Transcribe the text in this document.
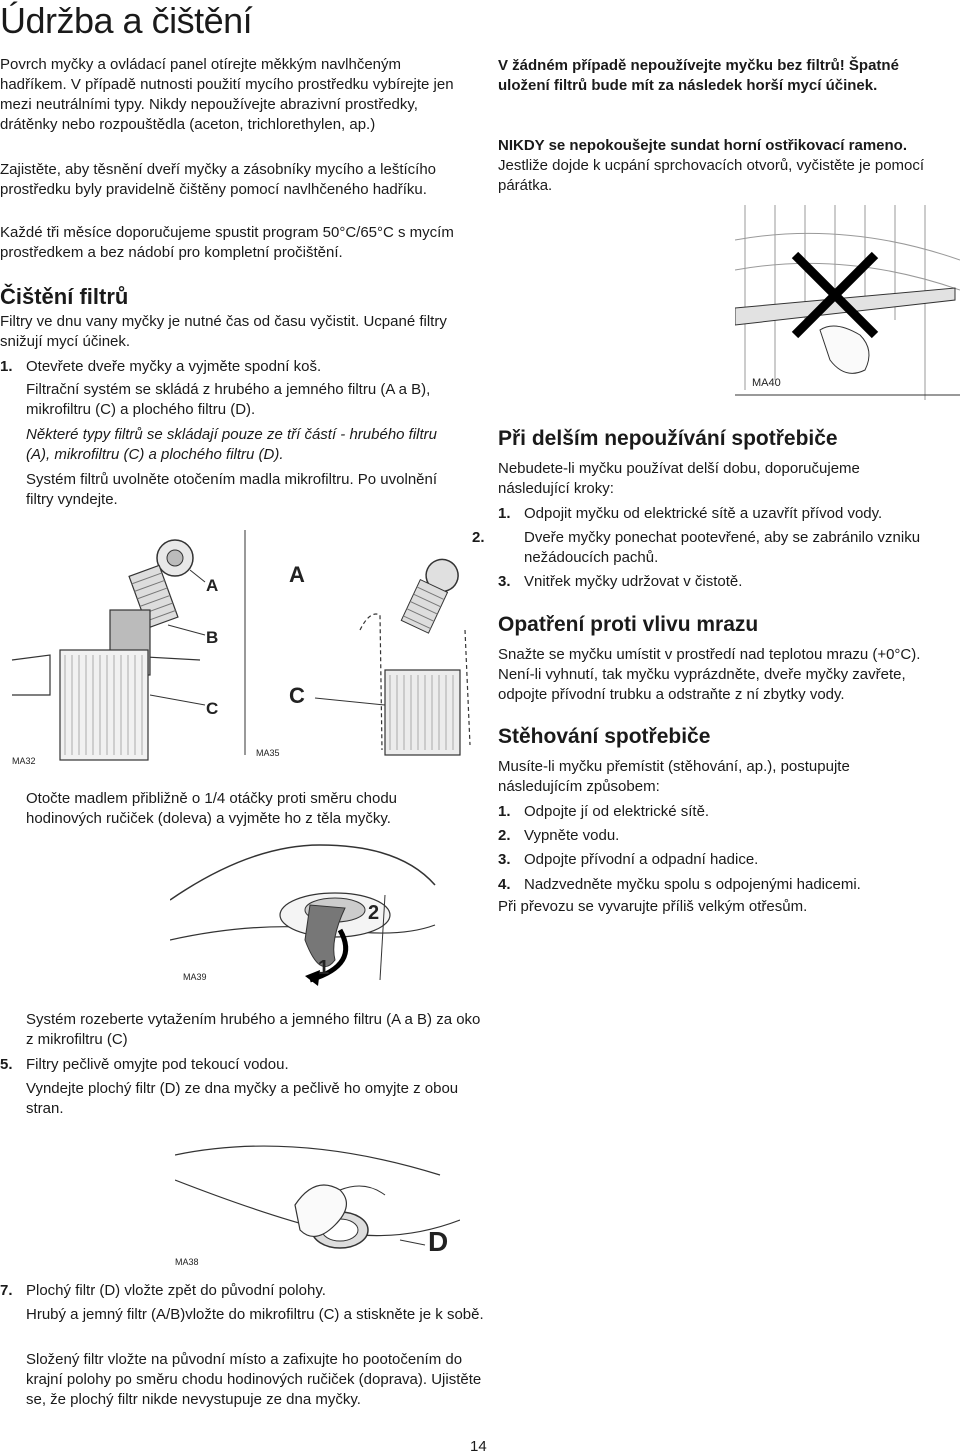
Údržba a čištění

Povrch myčky a ovládací panel otírejte měkkým navlhčeným hadříkem. V případě nutnosti použití mycího prostředku vybírejte jen mezi neutrálními typy. Nikdy nepoužívejte abrazivní prostředky, drátěnky nebo rozpouštědla (aceton, trichlorethylen, ap.)

Zajistěte, aby těsnění dveří myčky a zásobníky mycího a leštícího prostředku byly pravidelně čištěny pomocí navlhčeného hadříku.

Každé tři měsíce doporučujeme spustit program 50°C/65°C s mycím prostředkem a bez nádobí pro kompletní pročištění.

Čištění filtrů

Filtry ve dnu vany myčky je nutné čas od času vyčistit. Ucpané filtry snižují mycí účinek.

1. Otevřete dveře myčky a vyjměte spodní koš.
Filtrační systém se skládá z hrubého a jemného filtru (A a B), mikrofiltru (C) a plochého filtru (D).

Některé typy filtrů se skládají pouze ze tří částí - hrubého filtru (A), mikrofiltru (C) a plochého filtru (D).

Systém filtrů uvolněte otočením madla mikrofiltru. Po uvolnění filtry vyndejte.

A
B
C
A
C
MA32
MA35
Otočte madlem přibližně o 1/4 otáčky proti směru chodu hodinových ručiček (doleva) a vyjměte ho z těla myčky.
2
1
MA39
Systém rozeberte vytažením hrubého a jemného filtru (A a B) za oko z mikrofiltru (C)
5. Filtry pečlivě omyjte pod tekoucí vodou.
Vyndejte plochý filtr (D) ze dna myčky a pečlivě ho omyjte z obou stran.
D
MA38
7. Plochý filtr (D) vložte zpět do původní polohy.
Hrubý a jemný filtr (A/B)vložte do mikrofiltru (C) a stiskněte je k sobě.
Složený filtr vložte na původní místo a zafixujte ho pootočením do krajní polohy po směru chodu hodinových ručiček (doprava). Ujistěte se, že plochý filtr nikde nevystupuje ze dna myčky.

V žádném případě nepoužívejte myčku bez filtrů! Špatné uložení filtrů bude mít za následek horší mycí účinek.

NIKDY se nepokoušejte sundat horní ostřikovací rameno.

Jestliže dojde k ucpání sprchovacích otvorů, vyčistěte je pomocí párátka.

MA40
Při delším nepoužívání spotřebiče

Nebudete-li myčku používat delší dobu, doporučujeme následující kroky:

1. Odpojit myčku od elektrické sítě a uzavřít přívod vody.
2.	Dveře myčky ponechat pootevřené, aby se zabránilo vzniku nežádoucích pachů.
3. Vnitřek myčky udržovat v čistotě.
Opatření proti vlivu mrazu

Snažte se myčku umístit v prostředí nad teplotou mrazu (+0°C). Není-li vyhnutí, tak myčku vyprázdněte, dveře myčky zavřete, odpojte přívodní trubku a odstraňte z ní zbytky vody.

Stěhování spotřebiče

Musíte-li myčku přemístit (stěhování, ap.), postupujte následujícím způsobem:

1. Odpojte jí od elektrické sítě.
2. Vypněte vodu.
3. Odpojte přívodní a odpadní hadice.
4. Nadzvedněte myčku spolu s odpojenými hadicemi.

Při převozu se vyvarujte příliš velkým otřesům.

14
